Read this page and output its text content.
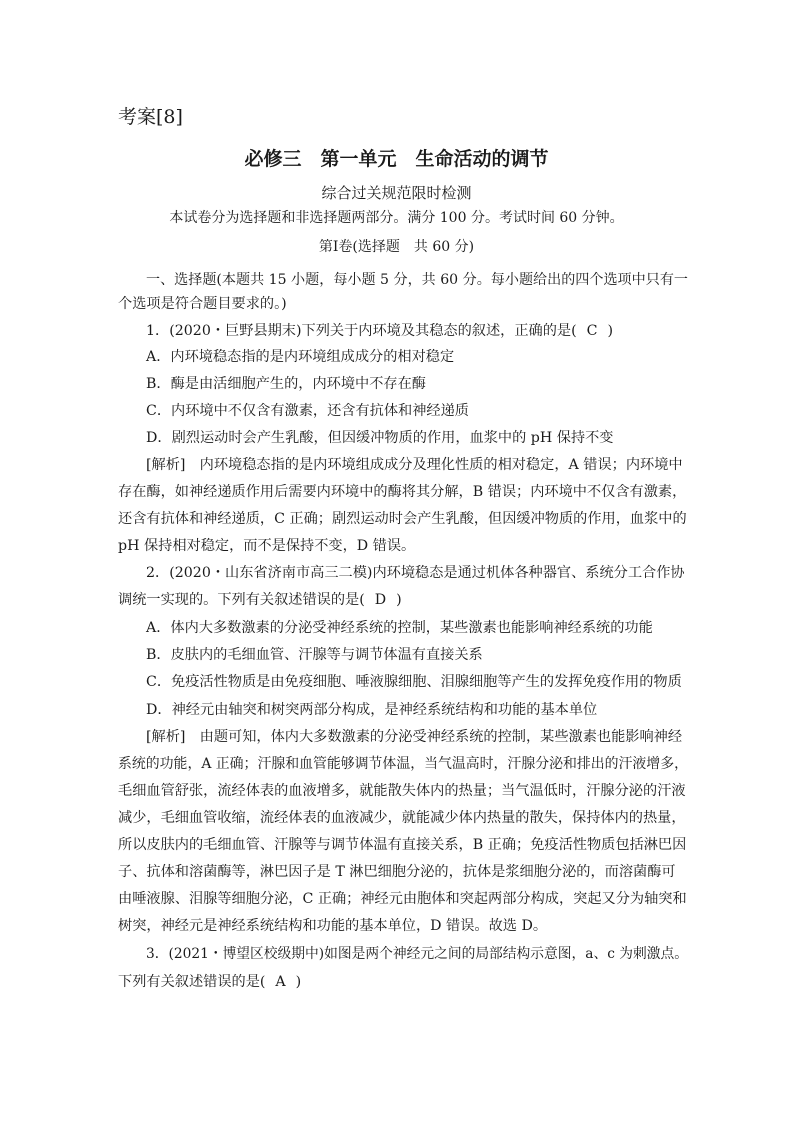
考案[8]
必修三　第一单元　生命活动的调节
综合过关规范限时检测
本试卷分为选择题和非选择题两部分。满分 100 分。考试时间 60 分钟。
第Ⅰ卷(选择题　共 60 分)
一、选择题(本题共 15 小题，每小题 5 分，共 60 分。每小题给出的四个选项中只有一
个选项是符合题目要求的。)
1．(2020・巨野县期末)下列关于内环境及其稳态的叙述，正确的是( C )
A．内环境稳态指的是内环境组成成分的相对稳定
B．酶是由活细胞产生的，内环境中不存在酶
C．内环境中不仅含有激素，还含有抗体和神经递质
D．剧烈运动时会产生乳酸，但因缓冲物质的作用，血浆中的 pH 保持不变
[解析]　内环境稳态指的是内环境组成成分及理化性质的相对稳定，A 错误；内环境中
存在酶，如神经递质作用后需要内环境中的酶将其分解，B 错误；内环境中不仅含有激素，
还含有抗体和神经递质，C 正确；剧烈运动时会产生乳酸，但因缓冲物质的作用，血浆中的
pH 保持相对稳定，而不是保持不变，D 错误。
2．(2020・山东省济南市高三二模)内环境稳态是通过机体各种器官、系统分工合作协
调统一实现的。下列有关叙述错误的是( D )
A．体内大多数激素的分泌受神经系统的控制，某些激素也能影响神经系统的功能
B．皮肤内的毛细血管、汗腺等与调节体温有直接关系
C．免疫活性物质是由免疫细胞、唾液腺细胞、泪腺细胞等产生的发挥免疫作用的物质
D．神经元由轴突和树突两部分构成，是神经系统结构和功能的基本单位
[解析]　由题可知，体内大多数激素的分泌受神经系统的控制，某些激素也能影响神经
系统的功能，A 正确；汗腺和血管能够调节体温，当气温高时，汗腺分泌和排出的汗液增多，
毛细血管舒张，流经体表的血液增多，就能散失体内的热量；当气温低时，汗腺分泌的汗液
减少，毛细血管收缩，流经体表的血液减少，就能减少体内热量的散失，保持体内的热量，
所以皮肤内的毛细血管、汗腺等与调节体温有直接关系，B 正确；免疫活性物质包括淋巴因
子、抗体和溶菌酶等，淋巴因子是 T 淋巴细胞分泌的，抗体是浆细胞分泌的，而溶菌酶可
由唾液腺、泪腺等细胞分泌，C 正确；神经元由胞体和突起两部分构成，突起又分为轴突和
树突，神经元是神经系统结构和功能的基本单位，D 错误。故选 D。
3．(2021・博望区校级期中)如图是两个神经元之间的局部结构示意图，a、c 为刺激点。
下列有关叙述错误的是( A )
